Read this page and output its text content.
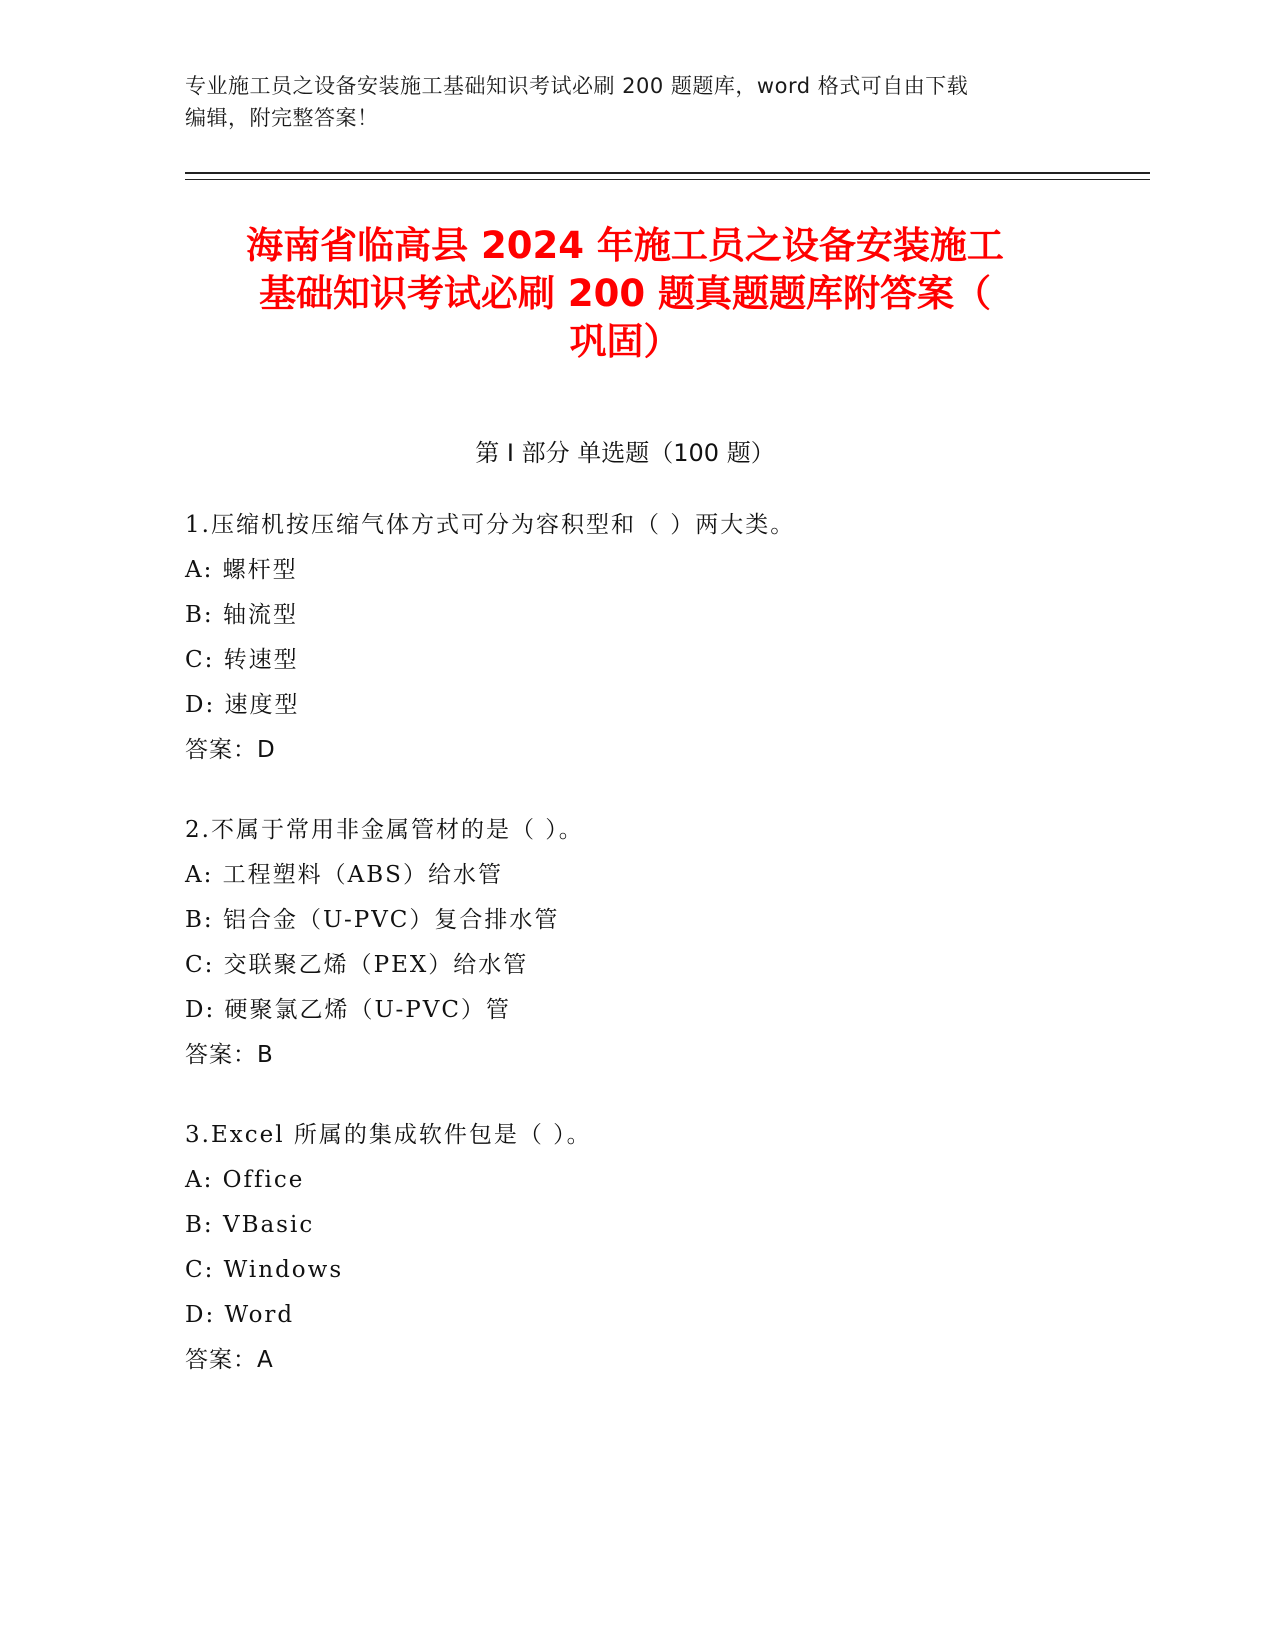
专业施工员之设备安装施工基础知识考试必刷 200 题题库，word 格式可自由下载
编辑，附完整答案！
海南省临高县 2024 年施工员之设备安装施工
基础知识考试必刷 200 题真题题库附答案（
巩固）
第 I 部分 单选题（100 题）
1.压缩机按压缩气体方式可分为容积型和（ ）两大类。
A: 螺杆型
B: 轴流型
C: 转速型
D: 速度型
答案：D
2.不属于常用非金属管材的是（ ）。
A: 工程塑料（ABS）给水管
B: 铝合金（U-PVC）复合排水管
C: 交联聚乙烯（PEX）给水管
D: 硬聚氯乙烯（U-PVC）管
答案：B
3.Excel 所属的集成软件包是（ ）。
A: Office
B: VBasic
C: Windows
D: Word
答案：A
